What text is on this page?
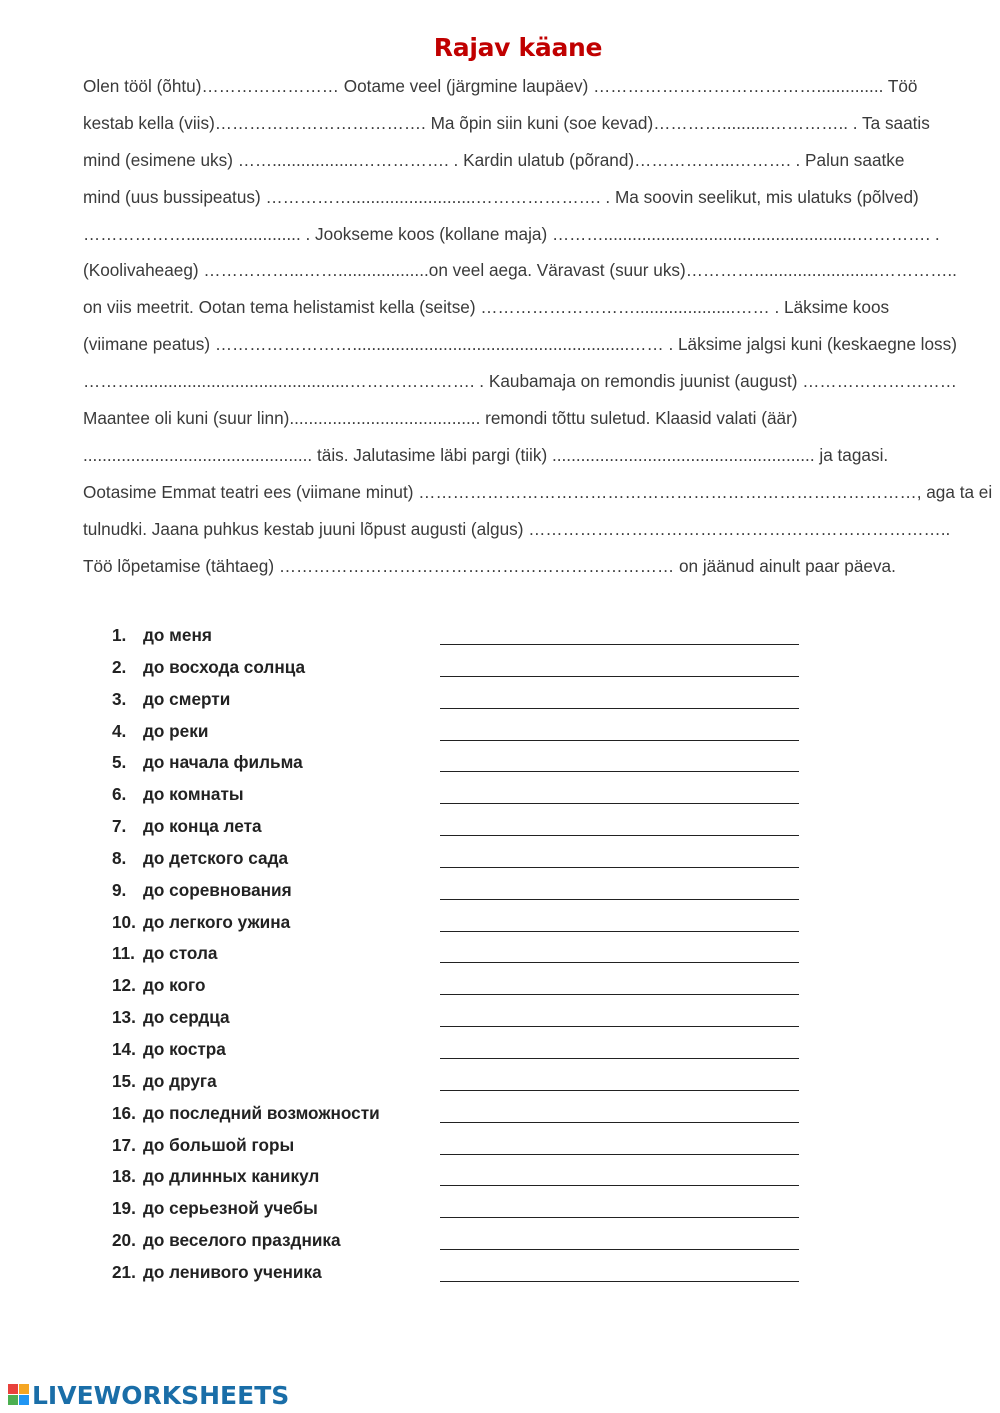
Rajav käane
Olen tööl (õhtu)…………………… Ootame veel (järgmine laupäev) ………………………………….............. Töö
kestab kella (viis)………………………………. Ma õpin siin kuni (soe kevad)…………..........………….. . Ta saatis
mind (esimene uks) ……..................……………. . Kardin ulatub (põrand)……………...………. . Palun saatke
mind (uus bussipeatus) ……………..........................…………………. . Ma soovin seelikut, mis ulatuks (põlved)
………………........................ . Jookseme koos (kollane maja) ……….....................................................…………. .
(Koolivaheaeg) ……………...……...................on veel aega. Väravast (suur uks)…………..........................…………..
on viis meetrit. Ootan tema helistamist kella (seitse) ……………………….....................…… . Läksime koos
(viimane peatus) ……………………..........................................................…… . Läksime jalgsi kuni (keskaegne loss)
……….............................................…………………. . Kaubamaja on remondis juunist (august) ………………………
Maantee oli kuni (suur linn)........................................ remondi tõttu suletud. Klaasid valati (äär)
................................................ täis. Jalutasime läbi pargi (tiik) ....................................................... ja tagasi.
Ootasime Emmat teatri ees (viimane minut) ……………………………………………………………………………, aga ta ei
tulnudki. Jaana puhkus kestab juuni lõpust augusti (algus) ………………………………………………………………..
Töö lõpetamise (tähtaeg) …………………………………………………………… on jäänud ainult paar päeva.
1. до меня
2. до восхода солнца
3. до смерти
4. до реки
5. до начала фильма
6. до комнаты
7. до конца лета
8. до детского сада
9. до соревнования
10. до легкого ужина
11. до стола
12. до кого
13. до сердца
14. до костра
15. до друга
16. до последний возможности
17. до большой горы
18. до длинных каникул
19. до серьезной учебы
20. до веселого праздника
21. до ленивого ученика
LIVEWORKSHEETS
